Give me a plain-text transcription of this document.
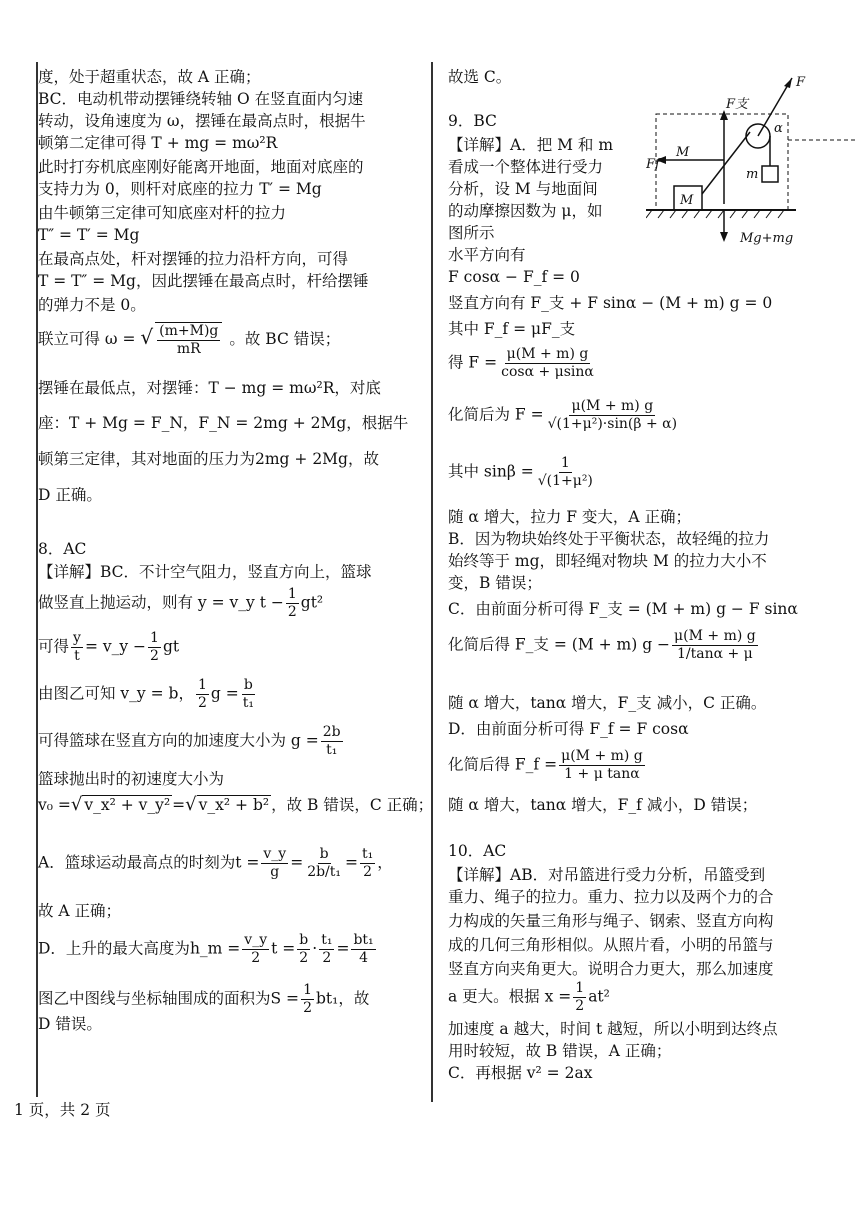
度，处于超重状态，故 A 正确；
BC．电动机带动摆锤绕转轴 O 在竖直面内匀速
转动，设角速度为 ω，摆锤在最高点时，根据牛
顿第二定律可得 T + mg = mω²R
此时打夯机底座刚好能离开地面，地面对底座的
支持力为 0，则杆对底座的拉力 T′ = Mg
由牛顿第三定律可知底座对杆的拉力
T″ = T′ = Mg
在最高点处，杆对摆锤的拉力沿杆方向，可得
T = T″ = Mg，因此摆锤在最高点时，杆给摆锤
的弹力不是 0。
联立可得 ω = √ $\frac{(m+M)g}{mR}$ 。故 BC 错误；
摆锤在最低点，对摆锤：T − mg = mω²R，对底
座：T + Mg = F_N，F_N = 2mg + 2Mg，根据牛
顿第三定律，其对地面的压力为2mg + 2Mg，故
D 正确。
8．AC
【详解】BC．不计空气阻力，竖直方向上，篮球
做竖直上抛运动，则有 y = v_y $t - \frac{1}{2} gt^2$
可得 $\frac{y}{t}$ = v_y − $\frac{1}{2}$ gt
由图乙可知 v_y = b， $\frac{1}{2}$ $g = \frac{b}{\text{t₁}}$
可得篮球在竖直方向的加速度大小为 $g = \frac{2b}{\text{t₁}}$
篮球抛出时的初速度大小为
v₀ =√ v_x² + v_y² =√ v_x² + b² ，故 B 错误，C 正确；
A．篮球运动最高点的时刻为$t = \frac{v\_y}{g} = \frac{b}{\text{2b/t₁}} = \frac{\text{t₁}}{2}$ ，
故 A 正确；
D．上升的最大高度为h_m = $\frac{v\_y}{2}$ $t = \frac{b}{2} \cdot \frac{\text{t₁}}{2} = \frac{\text{bt₁}}{4}$
图乙中图线与坐标轴围成的面积为$S = \frac{1}{2} bt_1$，故
D 错误。
故选 C。
9．BC
【详解】A．把 M 和 m
看成一个整体进行受力
分析，设 M 与地面间
的动摩擦因数为 μ，如
图所示
水平方向有
F cosα − F_f = 0
竖直方向有 F_支 + F sinα − (M + m) g = 0
其中 F_f = μF_支
得 $F = \frac{\mu(M + m) g}{\cos\alpha + \mu\sin\alpha}$
化简后为 $F = \frac{\mu(M + m) g}{\text{√(1+μ²)·sin(β + α)}}$
其中 $\sin\beta = \frac{1}{\text{√(1+μ²)}}$
随 α 增大，拉力 F 变大，A 正确；
B．因为物块始终处于平衡状态，故轻绳的拉力
始终等于 mg，即轻绳对物块 M 的拉力大小不
变，B 错误；
C．由前面分析可得 F_支 = (M + m) g − F sinα
化简后得 F_支 = (M + m) $g - \frac{\mu(M + m) g}{1/\tan\alpha + \mu}$
随 α 增大，tanα 增大，F_支 减小，C 正确。
D．由前面分析可得 F_f = F cosα
化简后得 F_f = $\frac{\mu(M + m) g}{\text{1 + μ tanα}}$
随 α 增大，tanα 增大，F_f 减小，D 错误；
10．AC
【详解】AB．对吊篮进行受力分析，吊篮受到
重力、绳子的拉力。重力、拉力以及两个力的合
力构成的矢量三角形与绳子、钢索、竖直方向构
成的几何三角形相似。从照片看，小明的吊篮与
竖直方向夹角更大。说明合力更大，那么加速度
a 更大。根据 $x = \frac{1}{2} at^2$
加速度 a 越大，时间 t 越短，所以小明到达终点
用时较短，故 B 错误，A 正确；
C．再根据 v² = 2ax
F
F支
α
M
Ff
m
M
Mg+mg
1 页，共 2 页
